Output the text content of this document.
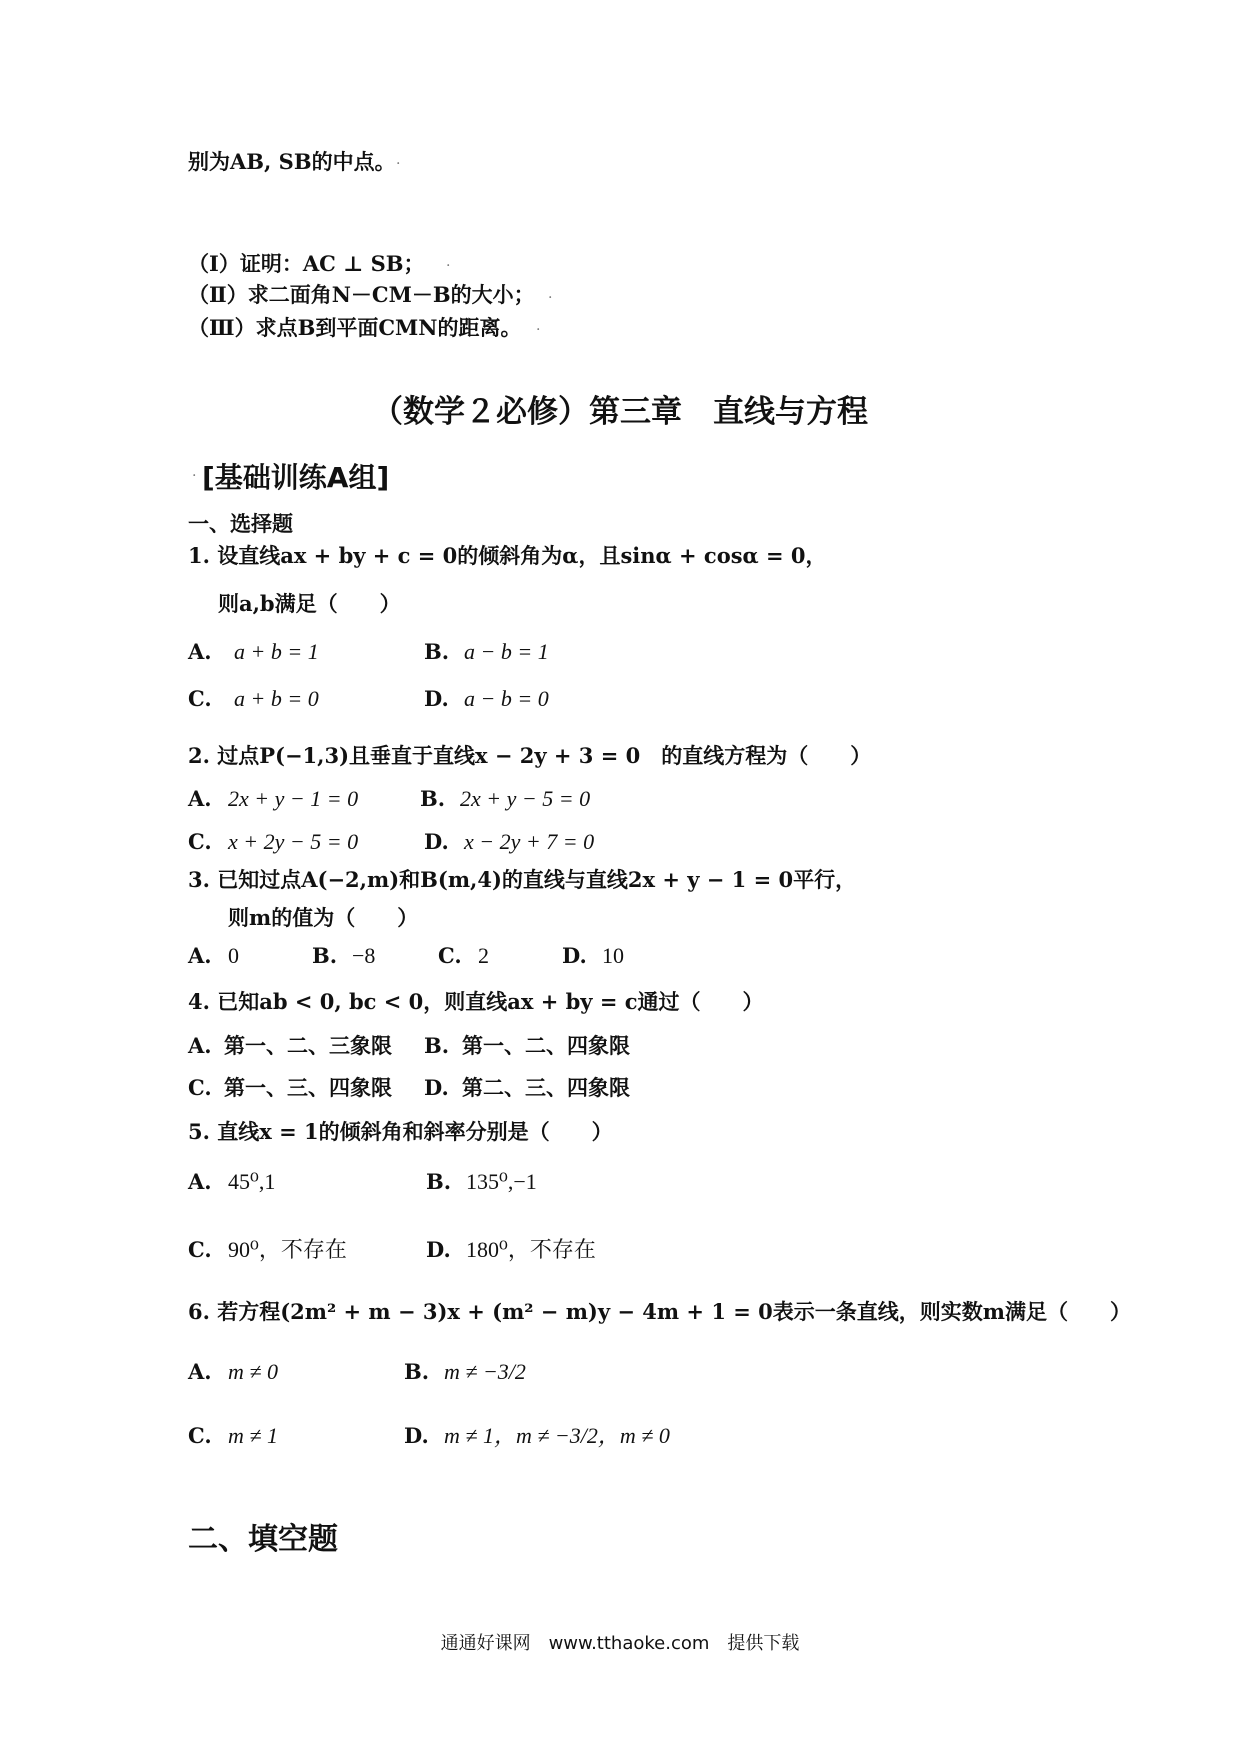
别为AB, SB的中点。
（Ⅰ）证明：AC ⊥ SB；
（Ⅱ）求二面角N－CM－B的大小；
（Ⅲ）求点B到平面CMN的距离。
（数学２必修）第三章　直线与方程
[基础训练A组]
一、选择题
1. 设直线ax + by + c = 0的倾斜角为α，且sinα + cosα = 0，
则a,b满足（　　）
A. a + b = 1	B. a − b = 1
C. a + b = 0	D. a − b = 0
2. 过点P(−1,3)且垂直于直线x − 2y + 3 = 0　的直线方程为（　　）
A. 2x + y − 1 = 0	B. 2x + y − 5 = 0
C. x + 2y − 5 = 0	D. x − 2y + 7 = 0
3. 已知过点A(−2,m)和B(m,4)的直线与直线2x + y − 1 = 0平行，
则m的值为（　　）
A. 0	B. −8	C. 2	D. 10
4. 已知ab < 0, bc < 0，则直线ax + by = c通过（　　）
A. 第一、二、三象限 B. 第一、二、四象限
C. 第一、三、四象限 D. 第二、三、四象限
5. 直线x = 1的倾斜角和斜率分别是（　　）
A. 45⁰,1	B. 135⁰,−1
C. 90⁰，不存在	D. 180⁰，不存在
6. 若方程(2m² + m − 3)x + (m² − m)y − 4m + 1 = 0表示一条直线，则实数m满足（　　）
A. m ≠ 0	B. m ≠ −3/2
C. m ≠ 1	D. m ≠ 1，m ≠ −3/2，m ≠ 0
二、填空题
通通好课网　www.tthaoke.com　提供下载
.
.
.
.
.
